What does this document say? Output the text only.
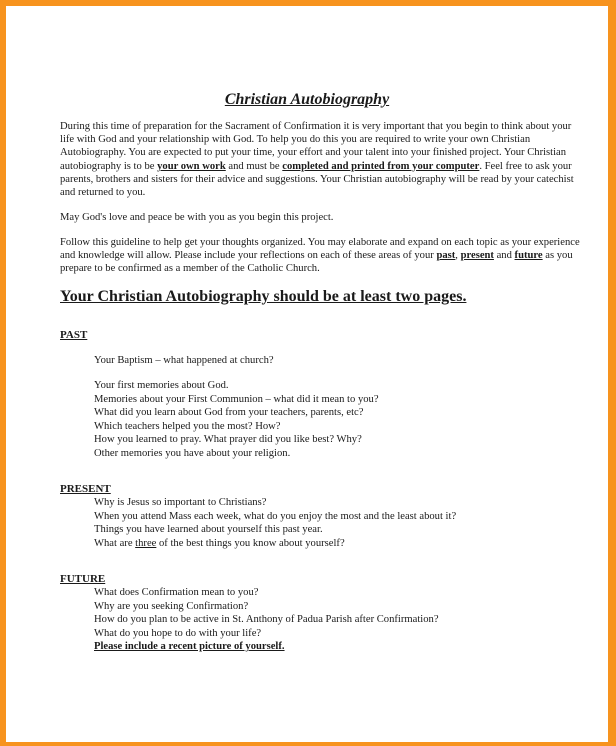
Christian Autobiography
During this time of preparation for the Sacrament of Confirmation it is very important that you begin to think about your life with God and your relationship with God. To help you do this you are required to write your own Christian Autobiography. You are expected to put your time, your effort and your talent into your finished project. Your Christian autobiography is to be your own work and must be completed and printed from your computer. Feel free to ask your parents, brothers and sisters for their advice and suggestions. Your Christian autobiography will be read by your catechist and returned to you.
May God's love and peace be with you as you begin this project.
Follow this guideline to help get your thoughts organized. You may elaborate and expand on each topic as your experience and knowledge will allow. Please include your reflections on each of these areas of your past, present and future as you prepare to be confirmed as a member of the Catholic Church.
Your Christian Autobiography should be at least two pages.
PAST
Your Baptism – what happened at church?
Your first memories about God.
Memories about your First Communion – what did it mean to you?
What did you learn about God from your teachers, parents, etc?
Which teachers helped you the most? How?
How you learned to pray. What prayer did you like best? Why?
Other memories you have about your religion.
PRESENT
Why is Jesus so important to Christians?
When you attend Mass each week, what do you enjoy the most and the least about it?
Things you have learned about yourself this past year.
What are three of the best things you know about yourself?
FUTURE
What does Confirmation mean to you?
Why are you seeking Confirmation?
How do you plan to be active in St. Anthony of Padua Parish after Confirmation?
What do you hope to do with your life?
Please include a recent picture of yourself.
